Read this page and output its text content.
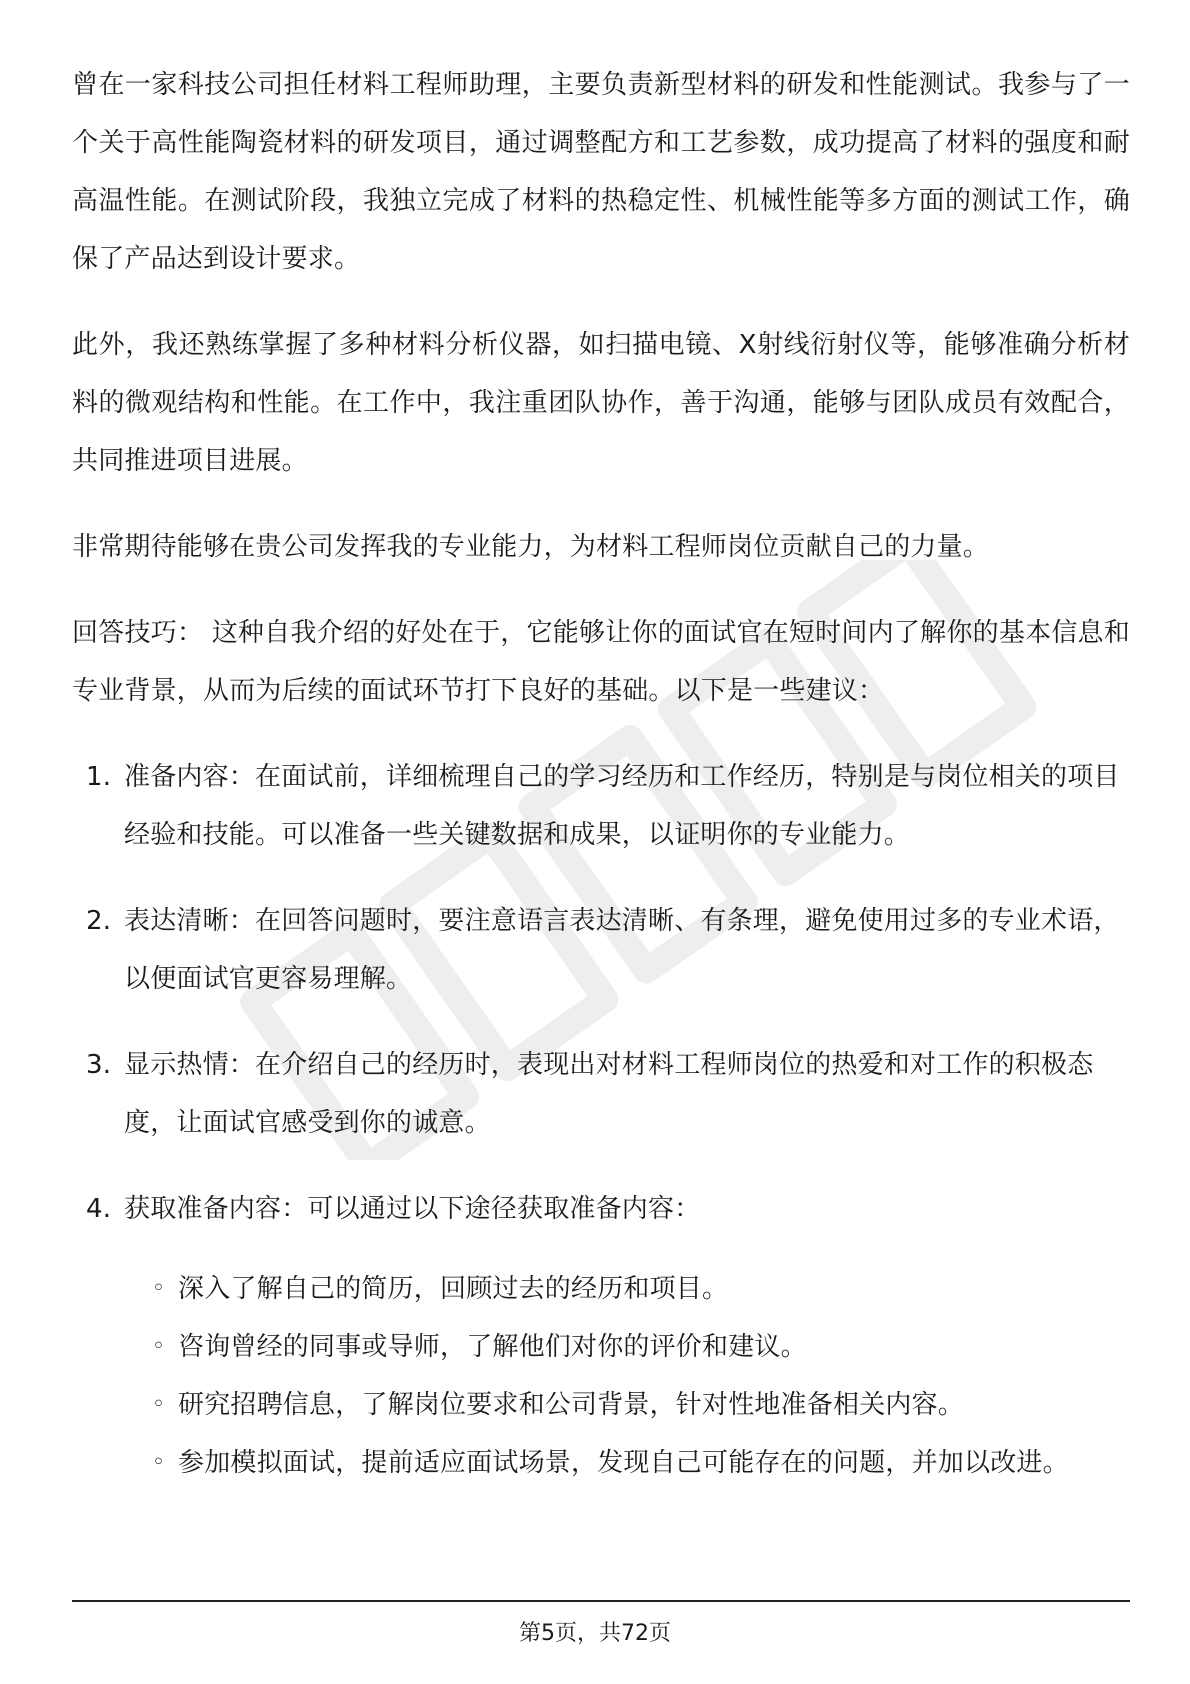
曾在一家科技公司担任材料工程师助理，主要负责新型材料的研发和性能测试。我参与了一个关于高性能陶瓷材料的研发项目，通过调整配方和工艺参数，成功提高了材料的强度和耐高温性能。在测试阶段，我独立完成了材料的热稳定性、机械性能等多方面的测试工作，确保了产品达到设计要求。

此外，我还熟练掌握了多种材料分析仪器，如扫描电镜、X射线衍射仪等，能够准确分析材料的微观结构和性能。在工作中，我注重团队协作，善于沟通，能够与团队成员有效配合，共同推进项目进展。

非常期待能够在贵公司发挥我的专业能力，为材料工程师岗位贡献自己的力量。

回答技巧： 这种自我介绍的好处在于，它能够让你的面试官在短时间内了解你的基本信息和专业背景，从而为后续的面试环节打下良好的基础。以下是一些建议：

1. 准备内容：在面试前，详细梳理自己的学习经历和工作经历，特别是与岗位相关的项目经验和技能。可以准备一些关键数据和成果，以证明你的专业能力。
2. 表达清晰：在回答问题时，要注意语言表达清晰、有条理，避免使用过多的专业术语，以便面试官更容易理解。
3. 显示热情：在介绍自己的经历时，表现出对材料工程师岗位的热爱和对工作的积极态度，让面试官感受到你的诚意。
4. 获取准备内容：可以通过以下途径获取准备内容：
◦ 深入了解自己的简历，回顾过去的经历和项目。
◦ 咨询曾经的同事或导师，了解他们对你的评价和建议。
◦ 研究招聘信息，了解岗位要求和公司背景，针对性地准备相关内容。
◦ 参加模拟面试，提前适应面试场景，发现自己可能存在的问题，并加以改进。
第5页，共72页
